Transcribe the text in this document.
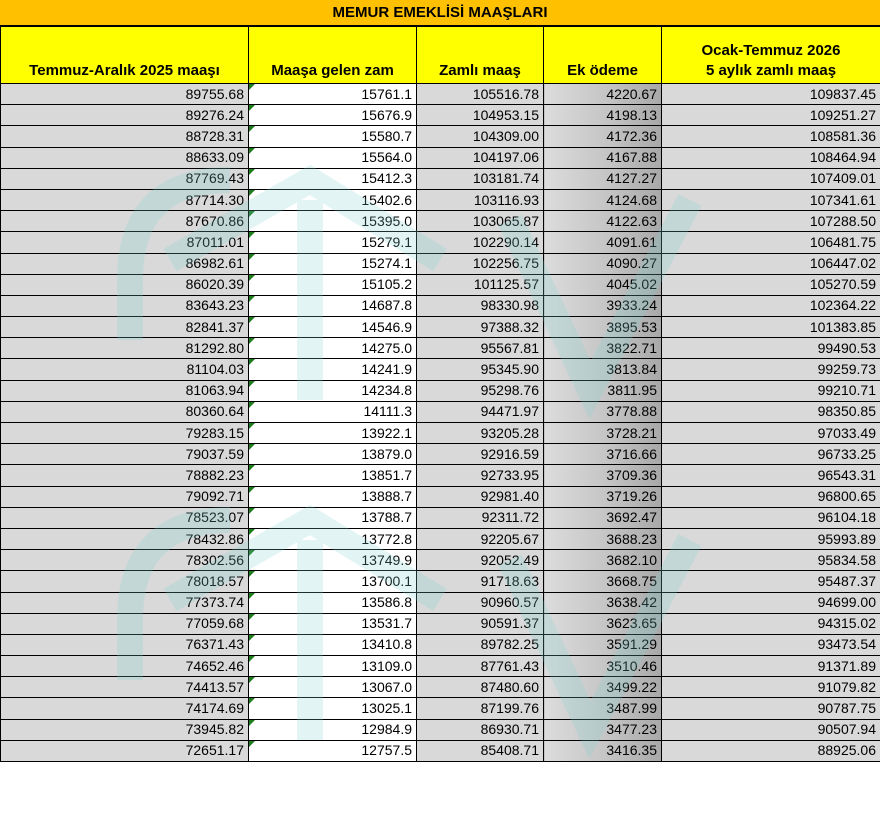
MEMUR EMEKLİSİ MAAŞLARI
Temmuz-Aralık 2025 maaşı	Maaşa gelen zam	Zamlı maaş	Ek ödeme	Ocak-Temmuz 2026
5 aylık zamlı maaş
89755.68	15761.1	105516.78	4220.67	109837.45
89276.24	15676.9	104953.15	4198.13	109251.27
88728.31	15580.7	104309.00	4172.36	108581.36
88633.09	15564.0	104197.06	4167.88	108464.94
87769.43	15412.3	103181.74	4127.27	107409.01
87714.30	15402.6	103116.93	4124.68	107341.61
87670.86	15395.0	103065.87	4122.63	107288.50
87011.01	15279.1	102290.14	4091.61	106481.75
86982.61	15274.1	102256.75	4090.27	106447.02
86020.39	15105.2	101125.57	4045.02	105270.59
83643.23	14687.8	98330.98	3933.24	102364.22
82841.37	14546.9	97388.32	3895.53	101383.85
81292.80	14275.0	95567.81	3822.71	99490.53
81104.03	14241.9	95345.90	3813.84	99259.73
81063.94	14234.8	95298.76	3811.95	99210.71
80360.64	14111.3	94471.97	3778.88	98350.85
79283.15	13922.1	93205.28	3728.21	97033.49
79037.59	13879.0	92916.59	3716.66	96733.25
78882.23	13851.7	92733.95	3709.36	96543.31
79092.71	13888.7	92981.40	3719.26	96800.65
78523.07	13788.7	92311.72	3692.47	96104.18
78432.86	13772.8	92205.67	3688.23	95993.89
78302.56	13749.9	92052.49	3682.10	95834.58
78018.57	13700.1	91718.63	3668.75	95487.37
77373.74	13586.8	90960.57	3638.42	94699.00
77059.68	13531.7	90591.37	3623.65	94315.02
76371.43	13410.8	89782.25	3591.29	93473.54
74652.46	13109.0	87761.43	3510.46	91371.89
74413.57	13067.0	87480.60	3499.22	91079.82
74174.69	13025.1	87199.76	3487.99	90787.75
73945.82	12984.9	86930.71	3477.23	90507.94
72651.17	12757.5	85408.71	3416.35	88925.06
